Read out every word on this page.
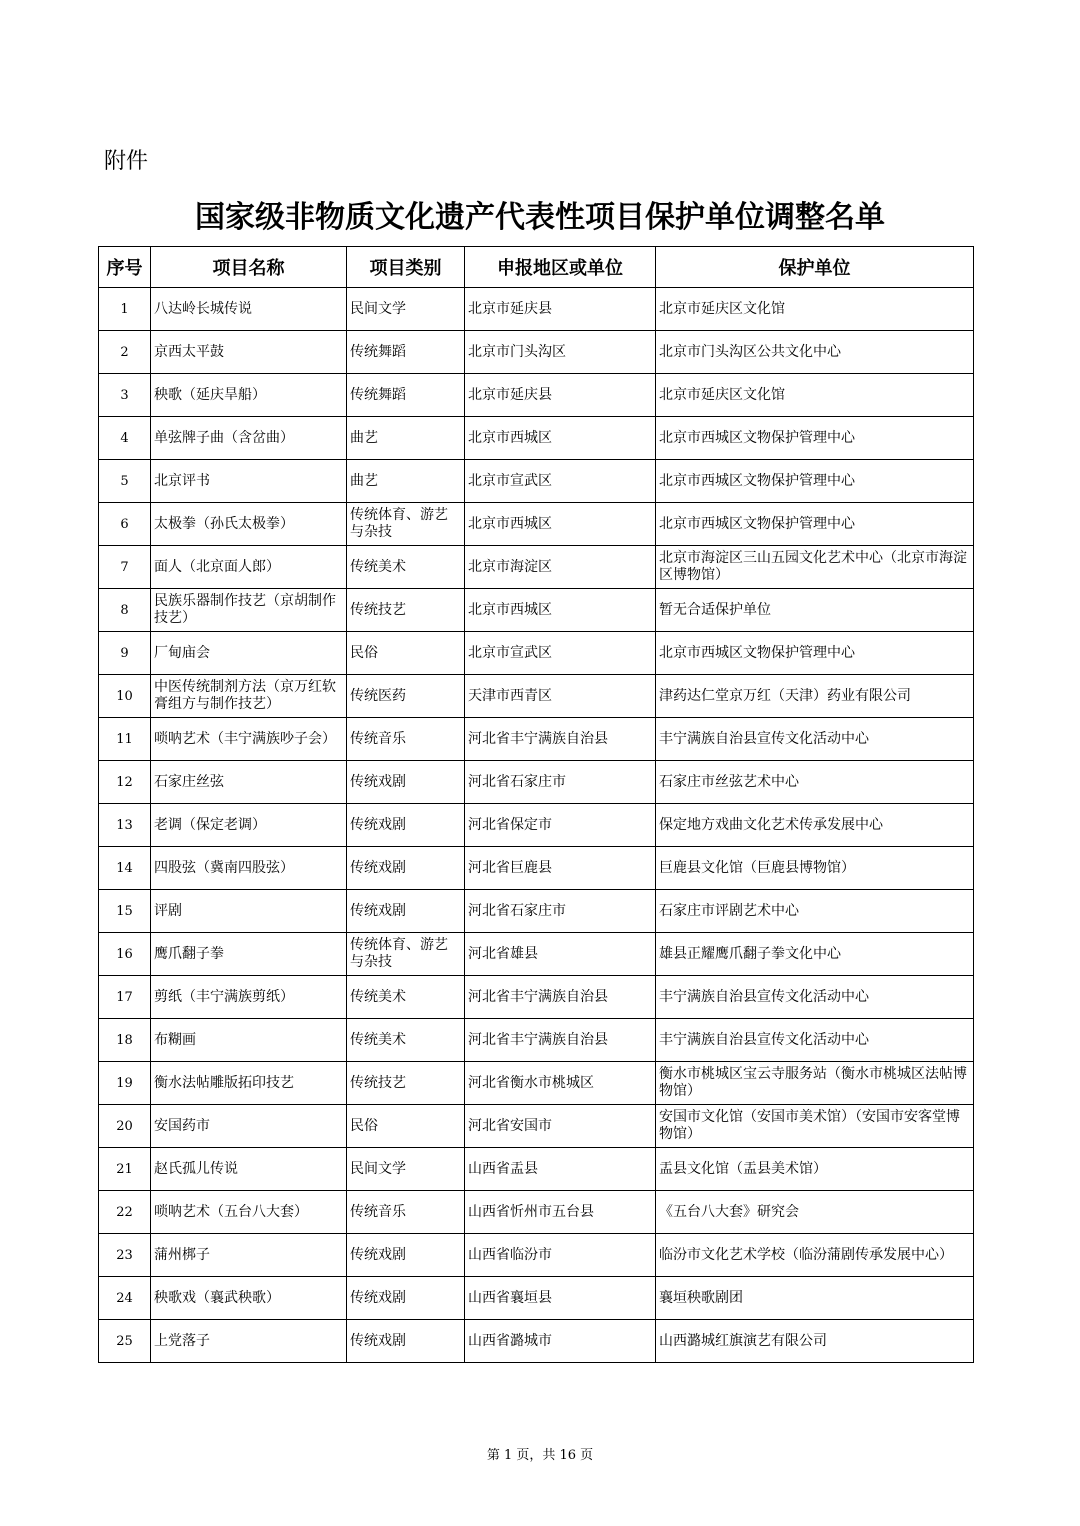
附件
国家级非物质文化遗产代表性项目保护单位调整名单
序号	项目名称	项目类别	申报地区或单位	保护单位
1	八达岭长城传说	民间文学	北京市延庆县	北京市延庆区文化馆
2	京西太平鼓	传统舞蹈	北京市门头沟区	北京市门头沟区公共文化中心
3	秧歌（延庆旱船）	传统舞蹈	北京市延庆县	北京市延庆区文化馆
4	单弦牌子曲（含岔曲）	曲艺	北京市西城区	北京市西城区文物保护管理中心
5	北京评书	曲艺	北京市宣武区	北京市西城区文物保护管理中心
6	太极拳（孙氏太极拳）	传统体育、游艺与杂技	北京市西城区	北京市西城区文物保护管理中心
7	面人（北京面人郎）	传统美术	北京市海淀区	北京市海淀区三山五园文化艺术中心（北京市海淀区博物馆）
8	民族乐器制作技艺（京胡制作技艺）	传统技艺	北京市西城区	暂无合适保护单位
9	厂甸庙会	民俗	北京市宣武区	北京市西城区文物保护管理中心
10	中医传统制剂方法（京万红软膏组方与制作技艺）	传统医药	天津市西青区	津药达仁堂京万红（天津）药业有限公司
11	唢呐艺术（丰宁满族吵子会）	传统音乐	河北省丰宁满族自治县	丰宁满族自治县宣传文化活动中心
12	石家庄丝弦	传统戏剧	河北省石家庄市	石家庄市丝弦艺术中心
13	老调（保定老调）	传统戏剧	河北省保定市	保定地方戏曲文化艺术传承发展中心
14	四股弦（冀南四股弦）	传统戏剧	河北省巨鹿县	巨鹿县文化馆（巨鹿县博物馆）
15	评剧	传统戏剧	河北省石家庄市	石家庄市评剧艺术中心
16	鹰爪翻子拳	传统体育、游艺与杂技	河北省雄县	雄县正耀鹰爪翻子拳文化中心
17	剪纸（丰宁满族剪纸）	传统美术	河北省丰宁满族自治县	丰宁满族自治县宣传文化活动中心
18	布糊画	传统美术	河北省丰宁满族自治县	丰宁满族自治县宣传文化活动中心
19	衡水法帖雕版拓印技艺	传统技艺	河北省衡水市桃城区	衡水市桃城区宝云寺服务站（衡水市桃城区法帖博物馆）
20	安国药市	民俗	河北省安国市	安国市文化馆（安国市美术馆）（安国市安客堂博物馆）
21	赵氏孤儿传说	民间文学	山西省盂县	盂县文化馆（盂县美术馆）
22	唢呐艺术（五台八大套）	传统音乐	山西省忻州市五台县	《五台八大套》研究会
23	蒲州梆子	传统戏剧	山西省临汾市	临汾市文化艺术学校（临汾蒲剧传承发展中心）
24	秧歌戏（襄武秧歌）	传统戏剧	山西省襄垣县	襄垣秧歌剧团
25	上党落子	传统戏剧	山西省潞城市	山西潞城红旗演艺有限公司
第 1 页，共 16 页
